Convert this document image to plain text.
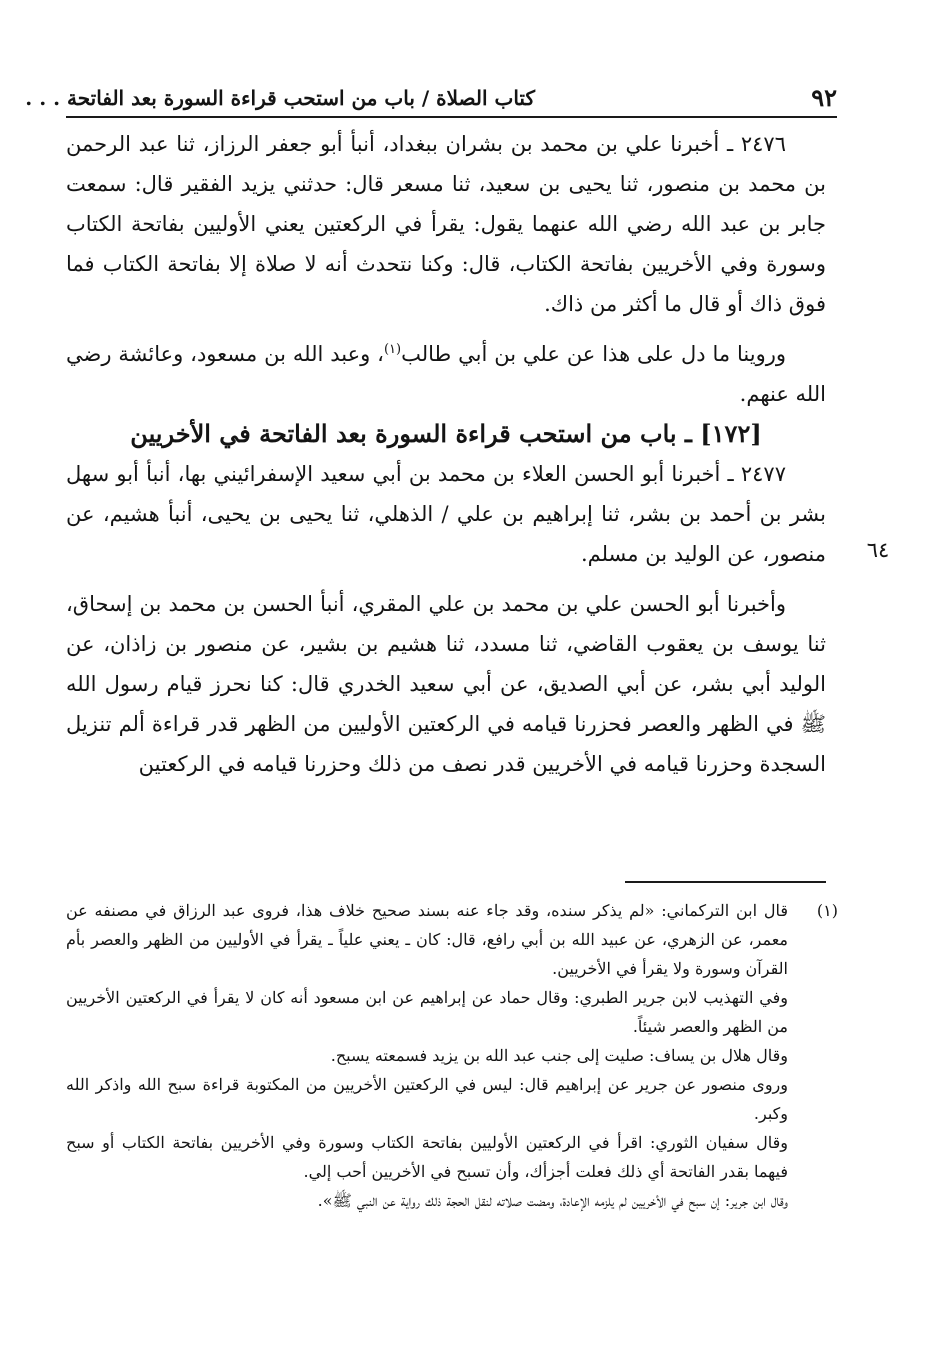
٩٢
كتاب الصلاة / باب من استحب قراءة السورة بعد الفاتحة . . .
٦٤

٢٤٧٦ ـ أخبرنا علي بن محمد بن بشران ببغداد، أنبأ أبو جعفر الرزاز، ثنا عبد الرحمن بن محمد بن منصور، ثنا يحيى بن سعيد، ثنا مسعر قال: حدثني يزيد الفقير قال: سمعت جابر بن عبد الله رضي الله عنهما يقول: يقرأ في الركعتين يعني الأوليين بفاتحة الكتاب وسورة وفي الأخريين بفاتحة الكتاب، قال: وكنا نتحدث أنه لا صلاة إلا بفاتحة الكتاب فما فوق ذاك أو قال ما أكثر من ذاك.

وروينا ما دل على هذا عن علي بن أبي طالب$^{(١)}$، وعبد الله بن مسعود، وعائشة رضي الله عنهم.

[١٧٢] ـ باب من استحب قراءة السورة بعد الفاتحة في الأخريين

٢٤٧٧ ـ أخبرنا أبو الحسن العلاء بن محمد بن أبي سعيد الإسفرائيني بها، أنبأ أبو سهل بشر بن أحمد بن بشر، ثنا إبراهيم بن علي / الذهلي، ثنا يحيى بن يحيى، أنبأ هشيم، عن منصور، عن الوليد بن مسلم.

وأخبرنا أبو الحسن علي بن محمد بن علي المقري، أنبأ الحسن بن محمد بن إسحاق، ثنا يوسف بن يعقوب القاضي، ثنا مسدد، ثنا هشيم بن بشير، عن منصور بن زاذان، عن الوليد أبي بشر، عن أبي الصديق، عن أبي سعيد الخدري قال: كنا نحرز قيام رسول الله ﷺ في الظهر والعصر فحزرنا قيامه في الركعتين الأوليين من الظهر قدر قراءة ألم تنزيل السجدة وحزرنا قيامه في الأخريين قدر نصف من ذلك وحزرنا قيامه في الركعتين

(١)
قال ابن التركماني: «لم يذكر سنده، وقد جاء عنه بسند صحيح خلاف هذا، فروى عبد الرزاق في مصنفه عن معمر، عن الزهري، عن عبيد الله بن أبي رافع، قال: كان ـ يعني علياً ـ يقرأ في الأوليين من الظهر والعصر بأم القرآن وسورة ولا يقرأ في الأخريين.

وفي التهذيب لابن جرير الطبري: وقال حماد عن إبراهيم عن ابن مسعود أنه كان لا يقرأ في الركعتين الأخريين من الظهر والعصر شيئاً.

وقال هلال بن يساف: صليت إلى جنب عبد الله بن يزيد فسمعته يسبح.

وروى منصور عن جرير عن إبراهيم قال: ليس في الركعتين الأخريين من المكتوبة قراءة سبح الله واذكر الله وكبر.

وقال سفيان الثوري: اقرأ في الركعتين الأوليين بفاتحة الكتاب وسورة وفي الأخريين بفاتحة الكتاب أو سبح فيهما بقدر الفاتحة أي ذلك فعلت أجزأك، وأن تسبح في الأخريين أحب إلي.

وقال ابن جرير: إن سبح في الأخريين لم يلزمه الإعادة، ومضت صلاته لنقل الحجة ذلك رواية عن النبي ﷺ».
